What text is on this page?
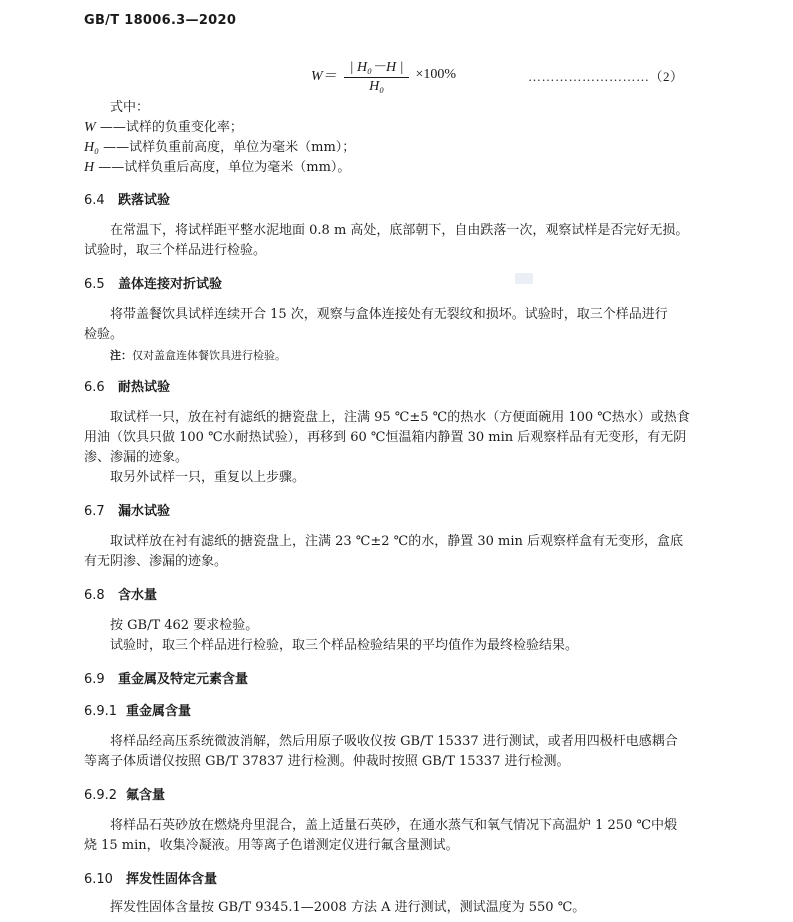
GB/T 18006.3—2020
$W= \frac{\text{| H₀－H |}}{\text{H₀}} \times 100\%$	………………………（2）
式中：
W ——试样的负重变化率；
H₀ ——试样负重前高度，单位为毫米（mm）；
H ——试样负重后高度，单位为毫米（mm）。
6.4 跌落试验
在常温下，将试样距平整水泥地面 0.8 m 高处，底部朝下，自由跌落一次，观察试样是否完好无损。
试验时，取三个样品进行检验。
6.5 盖体连接对折试验
将带盖餐饮具试样连续开合 15 次，观察与盒体连接处有无裂纹和损坏。试验时，取三个样品进行
检验。
注：仅对盖盒连体餐饮具进行检验。
6.6 耐热试验
取试样一只，放在衬有滤纸的搪瓷盘上，注满 95 ℃±5 ℃的热水（方便面碗用 100 ℃热水）或热食
用油（饮具只做 100 ℃水耐热试验），再移到 60 ℃恒温箱内静置 30 min 后观察样品有无变形，有无阴
渗、渗漏的迹象。
取另外试样一只，重复以上步骤。
6.7 漏水试验
取试样放在衬有滤纸的搪瓷盘上，注满 23 ℃±2 ℃的水，静置 30 min 后观察样盒有无变形，盒底
有无阴渗、渗漏的迹象。
6.8 含水量
按 GB/T 462 要求检验。
试验时，取三个样品进行检验，取三个样品检验结果的平均值作为最终检验结果。
6.9 重金属及特定元素含量
6.9.1 重金属含量
将样品经高压系统微波消解，然后用原子吸收仪按 GB/T 15337 进行测试，或者用四极杆电感耦合
等离子体质谱仪按照 GB/T 37837 进行检测。仲裁时按照 GB/T 15337 进行检测。
6.9.2 氟含量
将样品石英砂放在燃烧舟里混合，盖上适量石英砂，在通水蒸气和氧气情况下高温炉 1 250 ℃中煅
烧 15 min，收集冷凝液。用等离子色谱测定仪进行氟含量测试。
6.10 挥发性固体含量
挥发性固体含量按 GB/T 9345.1—2008 方法 A 进行测试，测试温度为 550 ℃。
